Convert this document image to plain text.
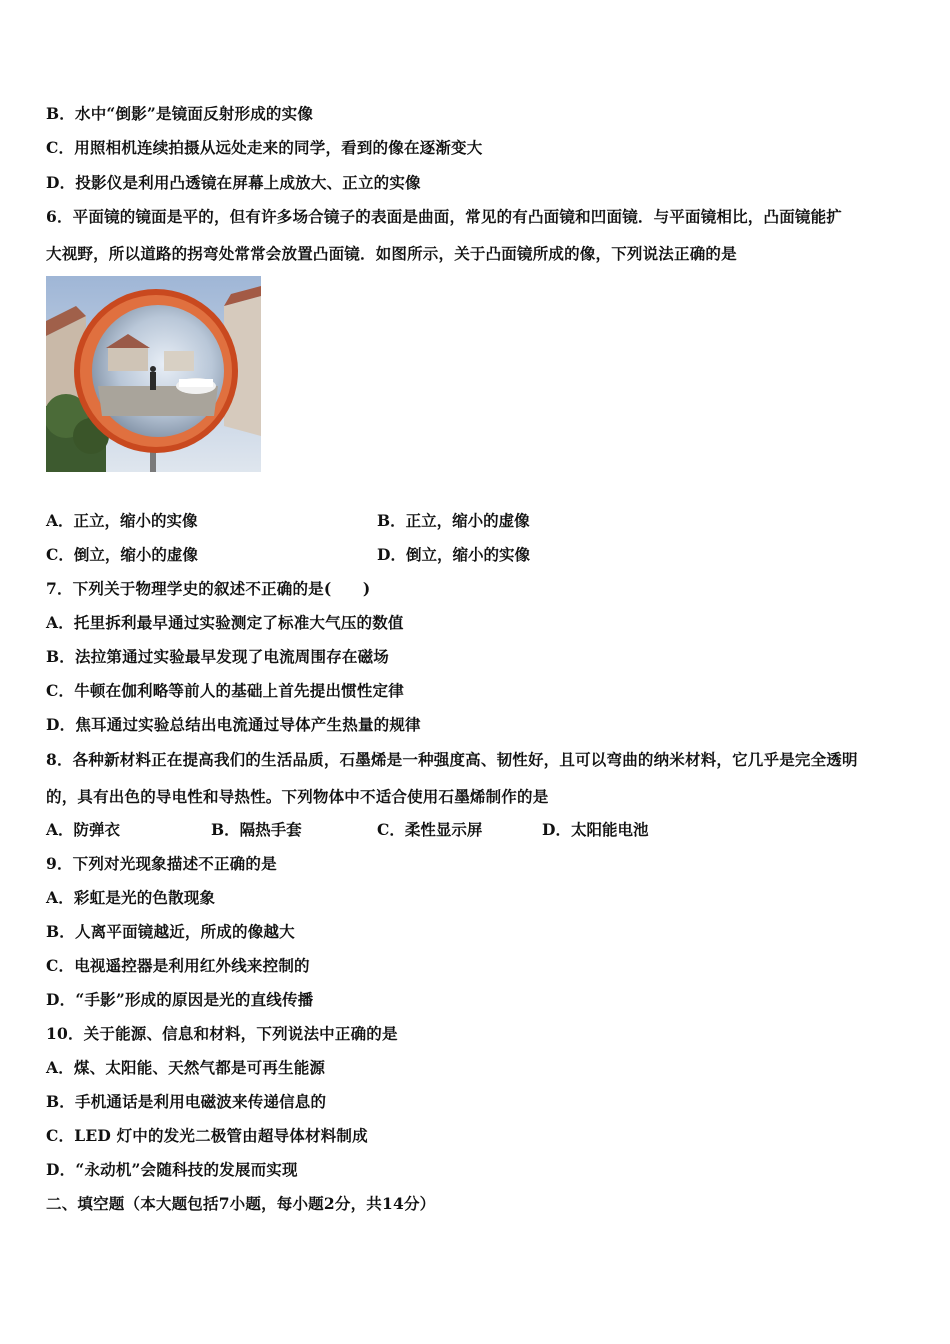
B．水中“倒影”是镜面反射形成的实像
C．用照相机连续拍摄从远处走来的同学，看到的像在逐渐变大
D．投影仪是利用凸透镜在屏幕上成放大、正立的实像
6．平面镜的镜面是平的，但有许多场合镜子的表面是曲面，常见的有凸面镜和凹面镜．与平面镜相比，凸面镜能扩
大视野，所以道路的拐弯处常常会放置凸面镜．如图所示，关于凸面镜所成的像，下列说法正确的是
A．正立，缩小的实像	B．正立，缩小的虚像
C．倒立，缩小的虚像	D．倒立，缩小的实像
7．下列关于物理学史的叙述不正确的是(　　)
A．托里拆利最早通过实验测定了标准大气压的数值
B．法拉第通过实验最早发现了电流周围存在磁场
C．牛顿在伽利略等前人的基础上首先提出惯性定律
D．焦耳通过实验总结出电流通过导体产生热量的规律
8．各种新材料正在提高我们的生活品质，石墨烯是一种强度高、韧性好，且可以弯曲的纳米材料，它几乎是完全透明
的，具有出色的导电性和导热性。下列物体中不适合使用石墨烯制作的是
A．防弹衣	B．隔热手套	C．柔性显示屏	D．太阳能电池
9．下列对光现象描述不正确的是
A．彩虹是光的色散现象
B．人离平面镜越近，所成的像越大
C．电视遥控器是利用红外线来控制的
D．“手影”形成的原因是光的直线传播
10．关于能源、信息和材料，下列说法中正确的是
A．煤、太阳能、天然气都是可再生能源
B．手机通话是利用电磁波来传递信息的
C．LED 灯中的发光二极管由超导体材料制成
D．“永动机”会随科技的发展而实现
二、填空题（本大题包括7小题，每小题2分，共14分）
